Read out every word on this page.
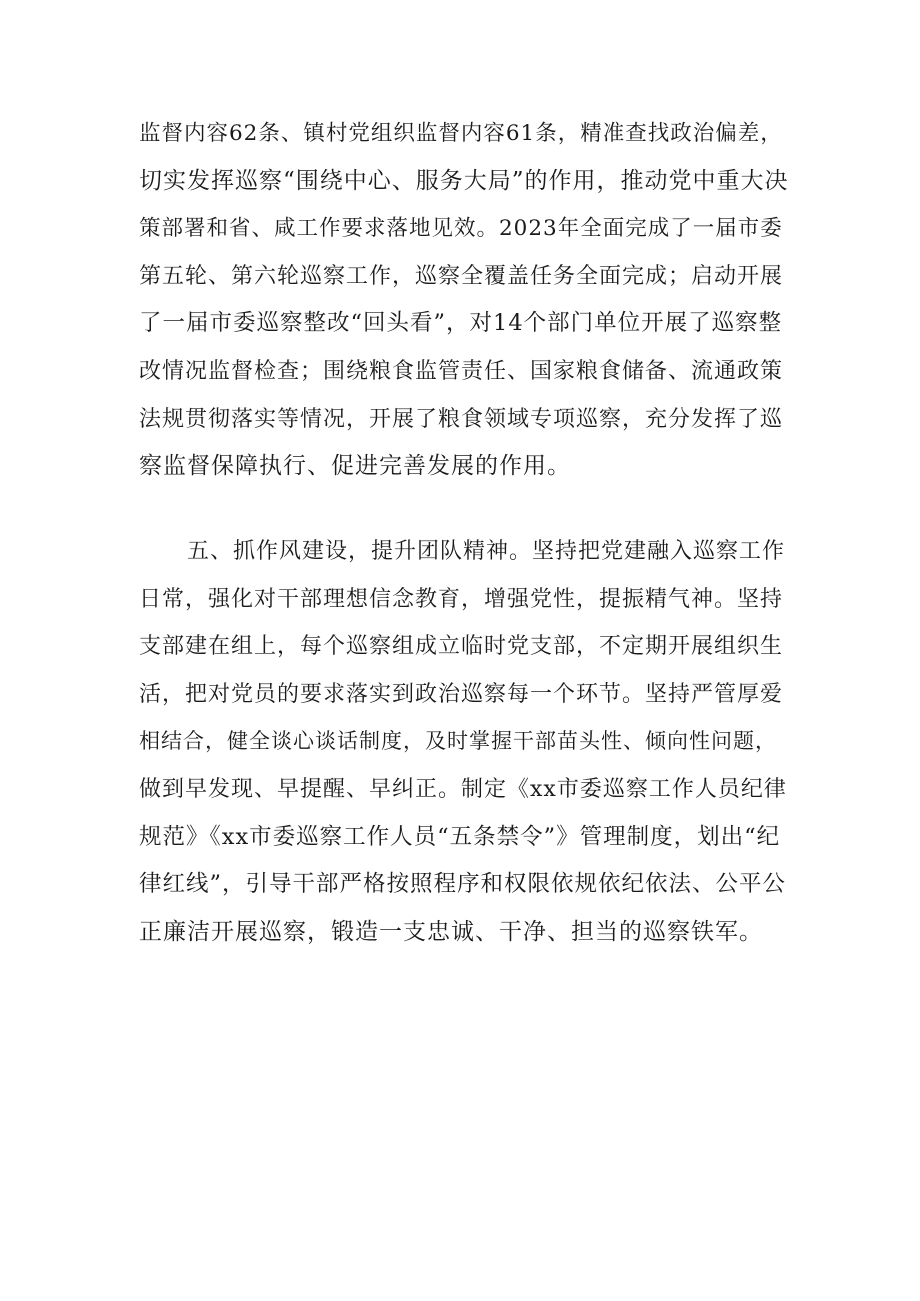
监督内容62条、镇村党组织监督内容61条，精准查找政治偏差，
切实发挥巡察“围绕中心、服务大局”的作用，推动党中重大决
策部署和省、咸工作要求落地见效。2023年全面完成了一届市委
第五轮、第六轮巡察工作，巡察全覆盖任务全面完成；启动开展
了一届市委巡察整改“回头看”，对14个部门单位开展了巡察整
改情况监督检查；围绕粮食监管责任、国家粮食储备、流通政策
法规贯彻落实等情况，开展了粮食领域专项巡察，充分发挥了巡
察监督保障执行、促进完善发展的作用。
五、抓作风建设，提升团队精神。坚持把党建融入巡察工作
日常，强化对干部理想信念教育，增强党性，提振精气神。坚持
支部建在组上，每个巡察组成立临时党支部，不定期开展组织生
活，把对党员的要求落实到政治巡察每一个环节。坚持严管厚爱
相结合，健全谈心谈话制度，及时掌握干部苗头性、倾向性问题，
做到早发现、早提醒、早纠正。制定《xx市委巡察工作人员纪律
规范》《xx市委巡察工作人员“五条禁令”》管理制度，划出“纪
律红线”，引导干部严格按照程序和权限依规依纪依法、公平公
正廉洁开展巡察，锻造一支忠诚、干净、担当的巡察铁军。
